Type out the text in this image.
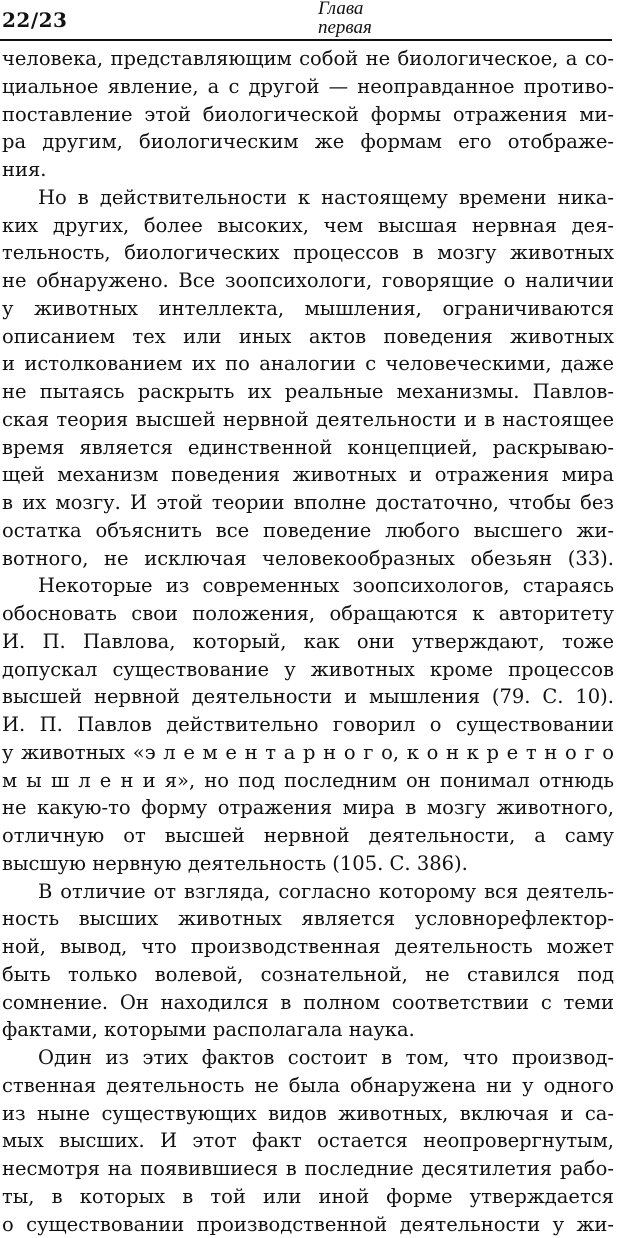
22/23	Глава
первая
человека, представляющим собой не биологическое, а со-
циальное явление, а с другой — неоправданное противо-
поставление этой биологической формы отражения ми-
ра другим, биологическим же формам его отображе-
ния.
Но в действительности к настоящему времени ника-
ких других, более высоких, чем высшая нервная дея-
тельность, биологических процессов в мозгу животных
не обнаружено. Все зоопсихологи, говорящие о наличии
у животных интеллекта, мышления, ограничиваются
описанием тех или иных актов поведения животных
и истолкованием их по аналогии с человеческими, даже
не пытаясь раскрыть их реальные механизмы. Павлов-
ская теория высшей нервной деятельности и в настоящее
время является единственной концепцией, раскрываю-
щей механизм поведения животных и отражения мира
в их мозгу. И этой теории вполне достаточно, чтобы без
остатка объяснить все поведение любого высшего жи-
вотного, не исключая человекообразных обезьян (33).
Некоторые из современных зоопсихологов, стараясь
обосновать свои положения, обращаются к авторитету
И. П. Павлова, который, как они утверждают, тоже
допускал существование у животных кроме процессов
высшей нервной деятельности и мышления (79. С. 10).
И. П. Павлов действительно говорил о существовании
у животных «э л е м е н т а р н о г о, к о н к р е т н о г о
м ы ш л е н и я», но под последним он понимал отнюдь
не какую-то форму отражения мира в мозгу животного,
отличную от высшей нервной деятельности, а саму
высшую нервную деятельность (105. С. 386).
В отличие от взгляда, согласно которому вся деятель-
ность высших животных является условнорефлектор-
ной, вывод, что производственная деятельность может
быть только волевой, сознательной, не ставился под
сомнение. Он находился в полном соответствии с теми
фактами, которыми располагала наука.
Один из этих фактов состоит в том, что производ-
ственная деятельность не была обнаружена ни у одного
из ныне существующих видов животных, включая и са-
мых высших. И этот факт остается неопровергнутым,
несмотря на появившиеся в последние десятилетия рабо-
ты, в которых в той или иной форме утверждается
о существовании производственной деятельности у жи-
